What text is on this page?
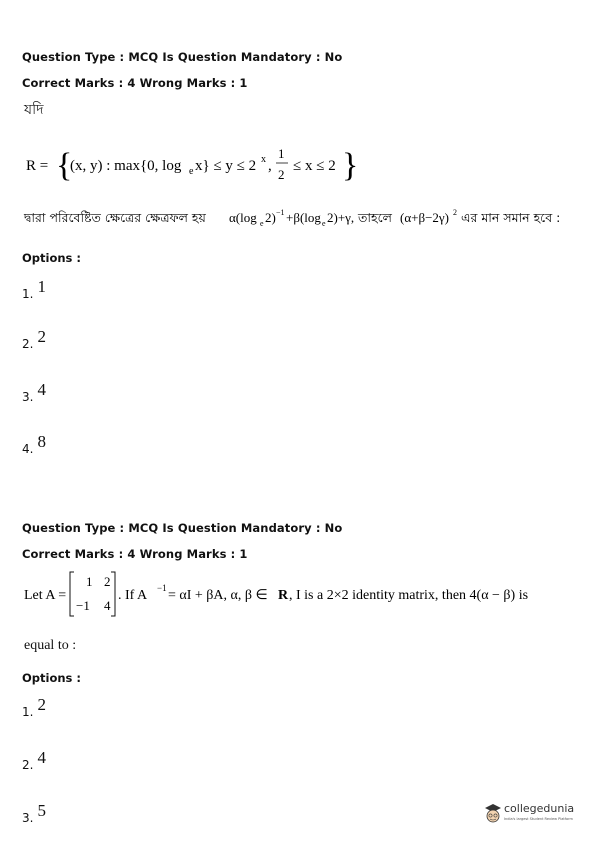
Question Type : MCQ Is Question Mandatory : No
Correct Marks : 4 Wrong Marks : 1
যদি
R = {
(x, y) : max{0, log e x} ≤ y ≤ 2 x ,
1
2
≤ x ≤ 2 }
দ্বারা পরিবেষ্টিত ক্ষেত্রের ক্ষেত্রফল হয় α(log e 2) −1 +β(log e 2)+γ, তাহলে (α+β−2γ) 2 এর মান সমান হবে :
Options :
1. 1
2. 2
3. 4
4. 8
Question Type : MCQ Is Question Mandatory : No
Correct Marks : 4 Wrong Marks : 1
Let A =
1 2
−1 4
. If A −1 = αI + βA, α, β ∈ R , I is a 2×2 identity matrix, then 4(α − β) is
equal to :
Options :
1. 2
2. 4
3. 5	collegedunia
India's largest Student Review Platform
